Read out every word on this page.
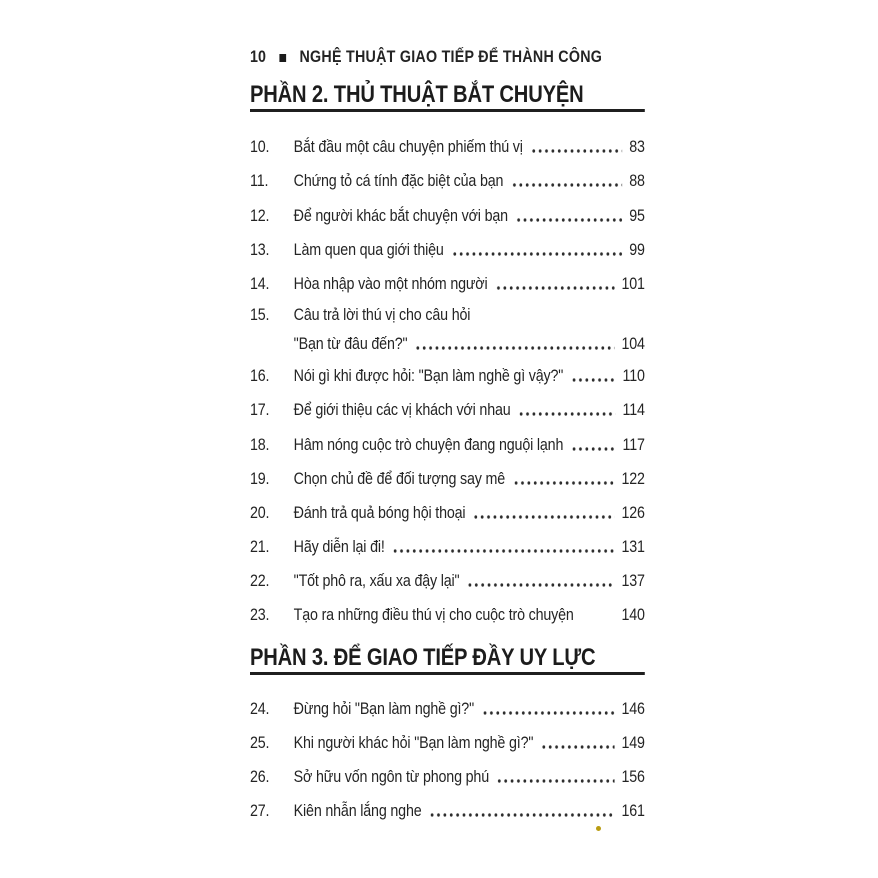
10 NGHỆ THUẬT GIAO TIẾP ĐỂ THÀNH CÔNG
PHẦN 2. THỦ THUẬT BẮT CHUYỆN
10.	Bắt đầu một câu chuyện phiếm thú vị	83
11.	Chứng tỏ cá tính đặc biệt của bạn	88
12.	Để người khác bắt chuyện với bạn	95
13.	Làm quen qua giới thiệu	99
14.	Hòa nhập vào một nhóm người	101
15.	Câu trả lời thú vị cho câu hỏi
"Bạn từ đâu đến?"	104
16.	Nói gì khi được hỏi: "Bạn làm nghề gì vậy?"	110
17.	Để giới thiệu các vị khách với nhau	114
18.	Hâm nóng cuộc trò chuyện đang nguội lạnh	117
19.	Chọn chủ đề để đối tượng say mê	122
20.	Đánh trả quả bóng hội thoại	126
21.	Hãy diễn lại đi!	131
22.	"Tốt phô ra, xấu xa đậy lại"	137
23.	Tạo ra những điều thú vị cho cuộc trò chuyện	140
PHẦN 3. ĐỂ GIAO TIẾP ĐẦY UY LỰC
24.	Đừng hỏi "Bạn làm nghề gì?"	146
25.	Khi người khác hỏi "Bạn làm nghề gì?"	149
26.	Sở hữu vốn ngôn từ phong phú	156
27.	Kiên nhẫn lắng nghe	161
